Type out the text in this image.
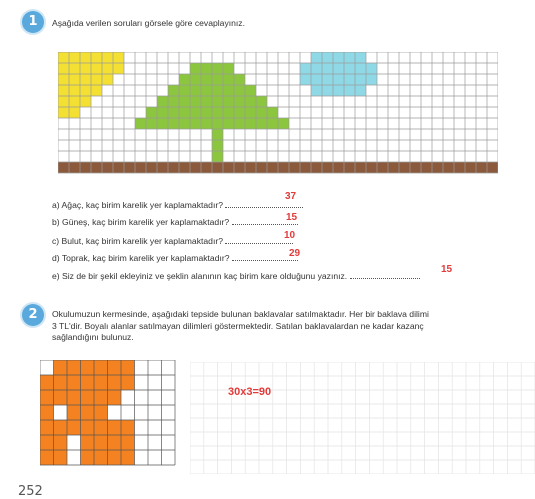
1	Aşağıda verilen soruları görsele göre cevaplayınız.
a) Ağaç, kaç birim karelik yer kaplamaktadır?
37
b) Güneş, kaç birim karelik yer kaplamaktadır?	15
c) Bulut, kaç birim karelik yer kaplamaktadır?	10
d) Toprak, kaç birim karelik yer kaplamaktadır?	29
e) Siz de bir şekil ekleyiniz ve şeklin alanının kaç birim kare olduğunu yazınız.
15
2	Okulumuzun kermesinde, aşağıdaki tepside bulunan baklavalar satılmaktadır. Her bir baklava dilimi
3 TL'dir. Boyalı alanlar satılmayan dilimleri göstermektedir. Satılan baklavalardan ne kadar kazanç
sağlandığını bulunuz.
30x3=90
252
